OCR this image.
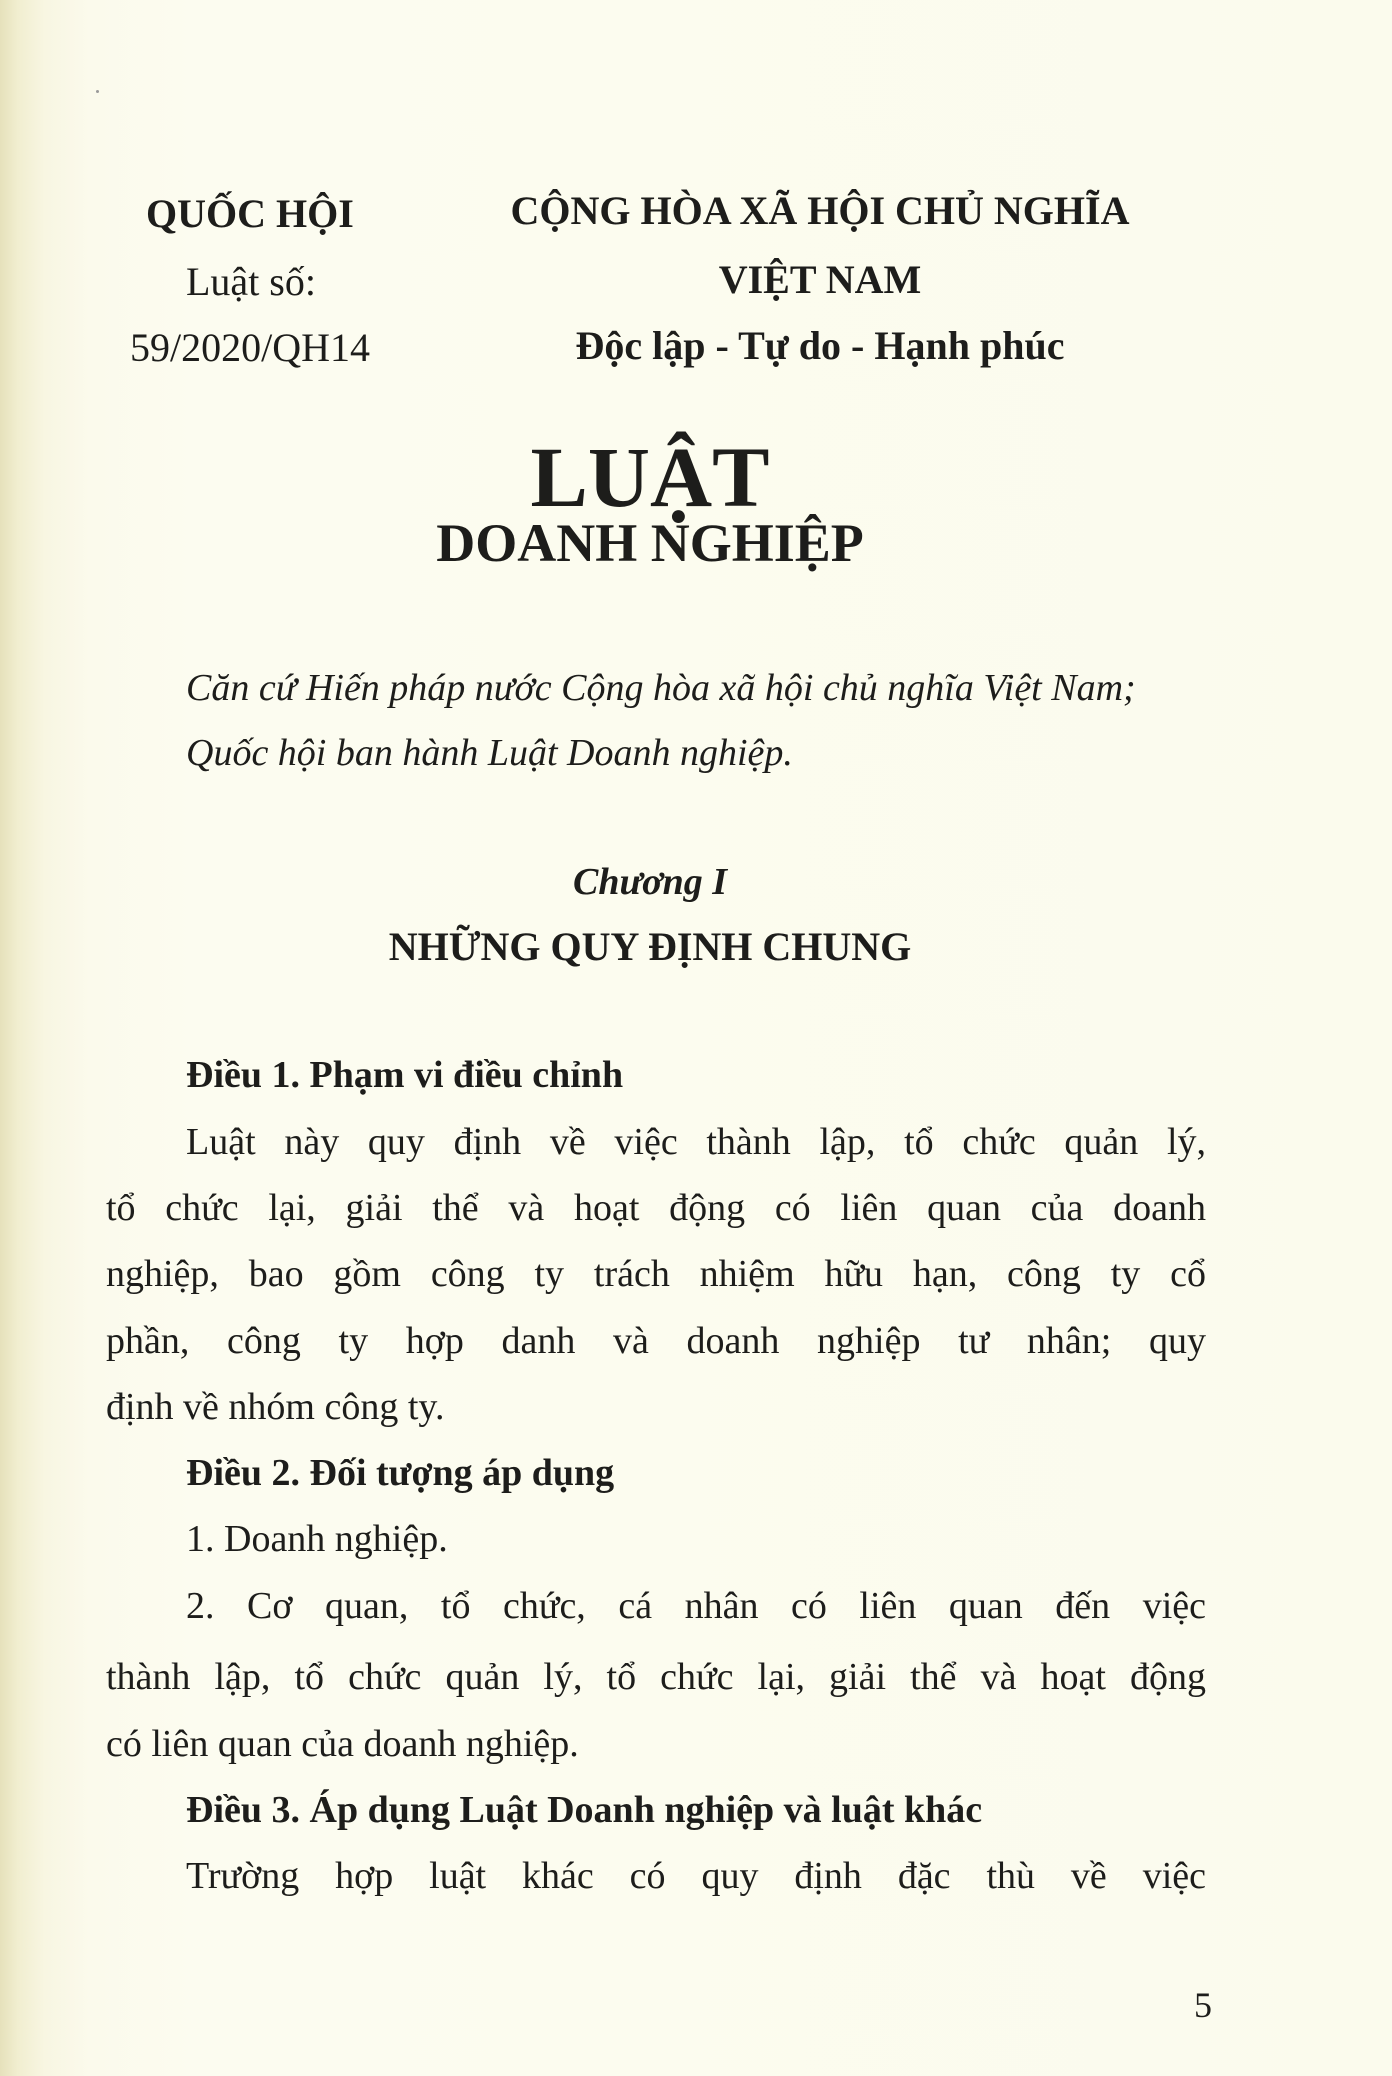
QUỐC HỘI
Luật số:
59/2020/QH14
CỘNG HÒA XÃ HỘI CHỦ NGHĨA
VIỆT NAM
Độc lập - Tự do - Hạnh phúc
LUẬT
DOANH NGHIỆP
Căn cứ Hiến pháp nước Cộng hòa xã hội chủ nghĩa Việt Nam;
Quốc hội ban hành Luật Doanh nghiệp.
Chương I
NHỮNG QUY ĐỊNH CHUNG
Điều 1. Phạm vi điều chỉnh
Luật này quy định về việc thành lập, tổ chức quản lý,
tổ chức lại, giải thể và hoạt động có liên quan của doanh
nghiệp, bao gồm công ty trách nhiệm hữu hạn, công ty cổ
phần, công ty hợp danh và doanh nghiệp tư nhân; quy
định về nhóm công ty.
Điều 2. Đối tượng áp dụng
1. Doanh nghiệp.
2. Cơ quan, tổ chức, cá nhân có liên quan đến việc
thành lập, tổ chức quản lý, tổ chức lại, giải thể và hoạt động
có liên quan của doanh nghiệp.
Điều 3. Áp dụng Luật Doanh nghiệp và luật khác
Trường hợp luật khác có quy định đặc thù về việc
5
